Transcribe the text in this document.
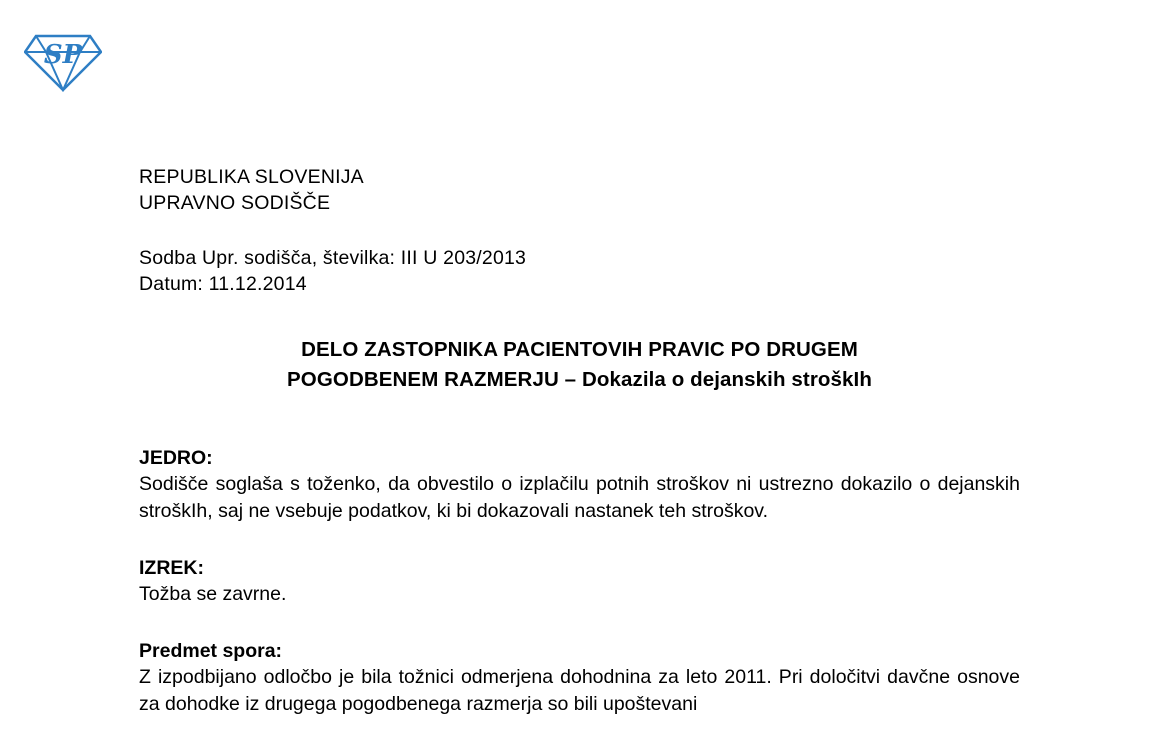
SP
REPUBLIKA SLOVENIJA
UPRAVNO SODIŠČE
Sodba Upr. sodišča, številka: III U 203/2013
Datum: 11.12.2014
DELO ZASTOPNIKA PACIENTOVIH PRAVIC PO DRUGEM
POGODBENEM RAZMERJU – Dokazila o dejanskih stroškIh
JEDRO:
Sodišče soglaša s toženko, da obvestilo o izplačilu potnih stroškov ni ustrezno dokazilo o dejanskih stroškIh, saj ne vsebuje podatkov, ki bi dokazovali nastanek teh stroškov.
IZREK:
Tožba se zavrne.
Predmet spora:
Z izpodbijano odločbo je bila tožnici odmerjena dohodnina za leto 2011. Pri določitvi davčne osnove za dohodke iz drugega pogodbenega razmerja so bili upoštevani
